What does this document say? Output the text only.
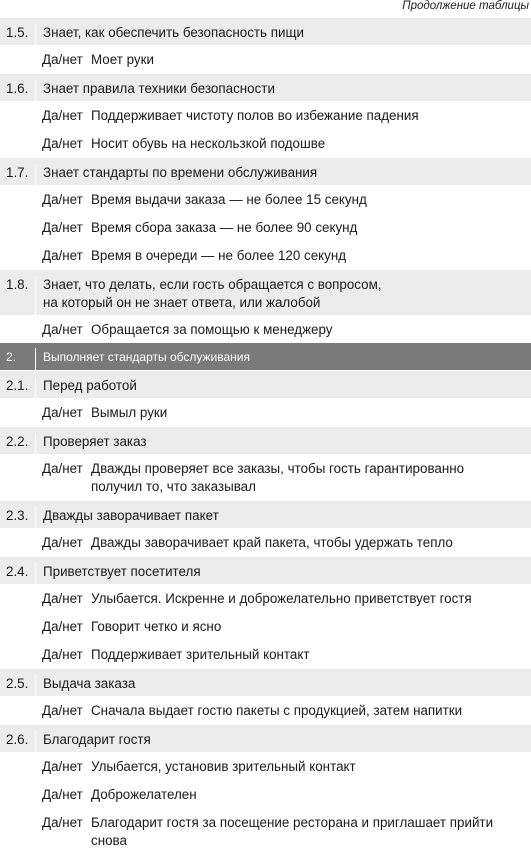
Продолжение таблицы
1.5.	Знает, как обеспечить безопасность пищи
Да/нет Моет руки
1.6.	Знает правила техники безопасности
Да/нет Поддерживает чистоту полов во избежание падения
Да/нет Носит обувь на нескользкой подошве
1.7.	Знает стандарты по времени обслуживания
Да/нет Время выдачи заказа — не более 15 секунд
Да/нет Время сбора заказа — не более 90 секунд
Да/нет Время в очереди — не более 120 секунд
1.8.	Знает, что делать, если гость обращается с вопросом,
на который он не знает ответа, или жалобой
Да/нет Обращается за помощью к менеджеру
2.	Выполняет стандарты обслуживания
2.1.	Перед работой
Да/нет Вымыл руки
2.2.	Проверяет заказ
Да/нет Дважды проверяет все заказы, чтобы гость гарантированно
получил то, что заказывал
2.3.	Дважды заворачивает пакет
Да/нет Дважды заворачивает край пакета, чтобы удержать тепло
2.4.	Приветствует посетителя
Да/нет Улыбается. Искренне и доброжелательно приветствует гостя
Да/нет Говорит четко и ясно
Да/нет Поддерживает зрительный контакт
2.5.	Выдача заказа
Да/нет Сначала выдает гостю пакеты с продукцией, затем напитки
2.6.	Благодарит гостя
Да/нет Улыбается, установив зрительный контакт
Да/нет Доброжелателен
Да/нет Благодарит гостя за посещение ресторана и приглашает прийти
снова
